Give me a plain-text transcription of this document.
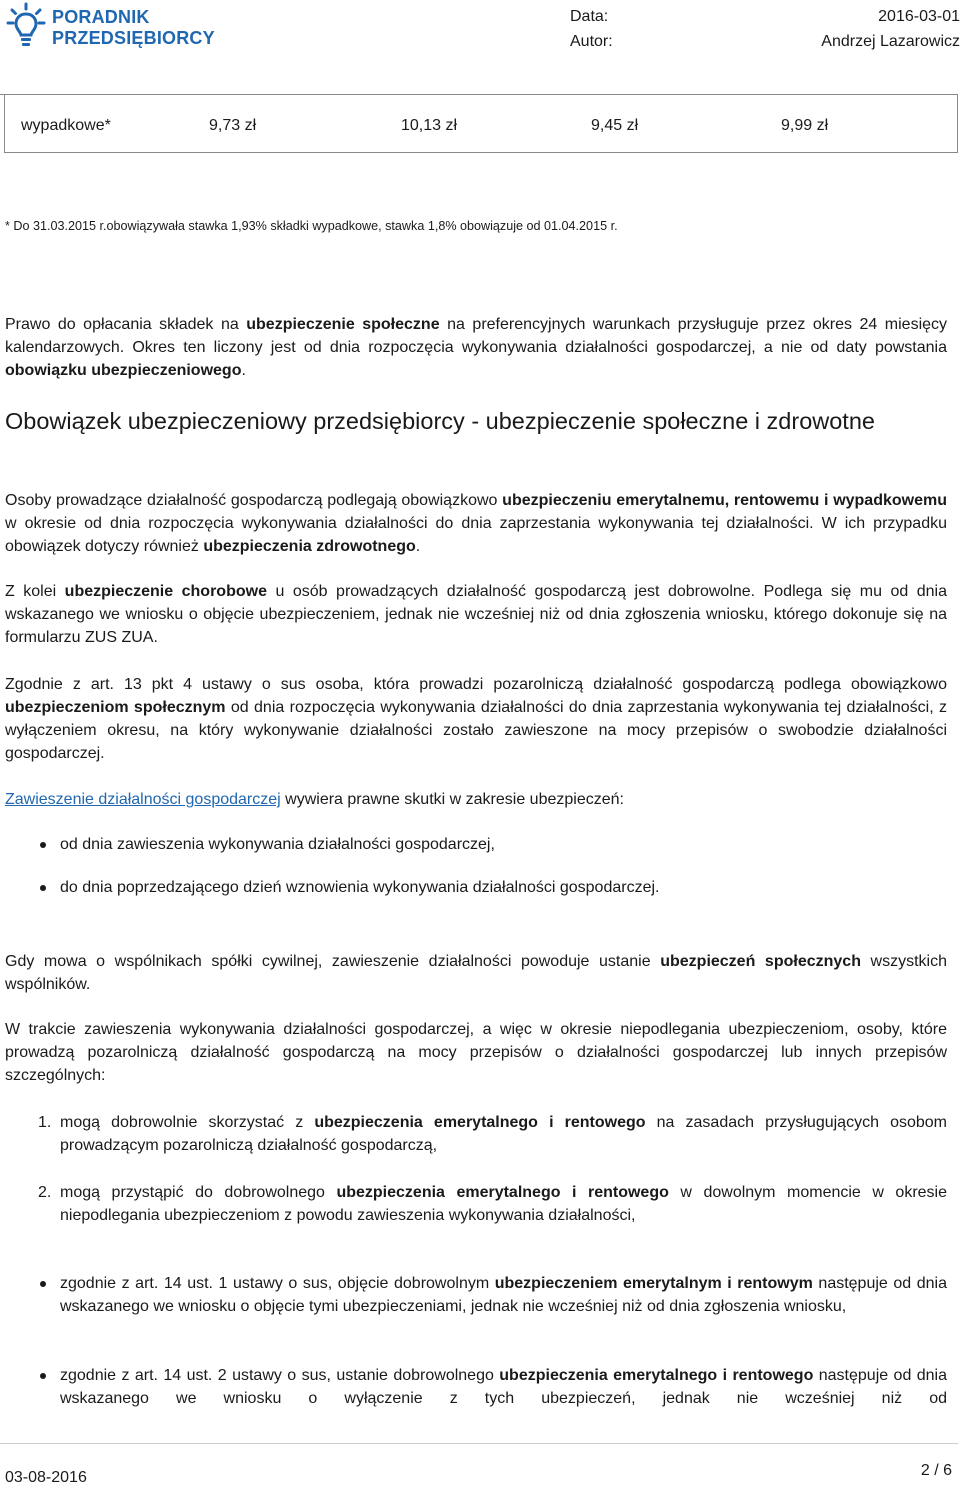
PORADNIK
PRZEDSIĘBIORCY
Data:	2016-03-01
Autor:	Andrzej Lazarowicz
wypadkowe*	9,73 zł	10,13 zł	9,45 zł	9,99 zł
* Do 31.03.2015 r.obowiązywała stawka 1,93% składki wypadkowe, stawka 1,8% obowiązuje od 01.04.2015 r.

Prawo do opłacania składek na ubezpieczenie społeczne na preferencyjnych warunkach przysługuje przez okres 24 miesięcy kalendarzowych. Okres ten liczony jest od dnia rozpoczęcia wykonywania działalności gospodarczej, a nie od daty powstania obowiązku ubezpieczeniowego.

Obowiązek ubezpieczeniowy przedsiębiorcy - ubezpieczenie społeczne i zdrowotne

Osoby prowadzące działalność gospodarczą podlegają obowiązkowo ubezpieczeniu emerytalnemu, rentowemu i wypadkowemu w okresie od dnia rozpoczęcia wykonywania działalności do dnia zaprzestania wykonywania tej działalności. W ich przypadku obowiązek dotyczy również ubezpieczenia zdrowotnego.

Z kolei ubezpieczenie chorobowe u osób prowadzących działalność gospodarczą jest dobrowolne. Podlega się mu od dnia wskazanego we wniosku o objęcie ubezpieczeniem, jednak nie wcześniej niż od dnia zgłoszenia wniosku, którego dokonuje się na formularzu ZUS ZUA.

Zgodnie z art. 13 pkt 4 ustawy o sus osoba, która prowadzi pozarolniczą działalność gospodarczą podlega obowiązkowo ubezpieczeniom społecznym od dnia rozpoczęcia wykonywania działalności do dnia zaprzestania wykonywania tej działalności, z wyłączeniem okresu, na który wykonywanie działalności zostało zawieszone na mocy przepisów o swobodzie działalności gospodarczej.

Zawieszenie działalności gospodarczej wywiera prawne skutki w zakresie ubezpieczeń:

od dnia zawieszenia wykonywania działalności gospodarczej,
do dnia poprzedzającego dzień wznowienia wykonywania działalności gospodarczej.

Gdy mowa o wspólnikach spółki cywilnej, zawieszenie działalności powoduje ustanie ubezpieczeń społecznych wszystkich wspólników.

W trakcie zawieszenia wykonywania działalności gospodarczej, a więc w okresie niepodlegania ubezpieczeniom, osoby, które prowadzą pozarolniczą działalność gospodarczą na mocy przepisów o działalności gospodarczej lub innych przepisów szczególnych:

1. mogą dobrowolnie skorzystać z ubezpieczenia emerytalnego i rentowego na zasadach przysługujących osobom prowadzącym pozarolniczą działalność gospodarczą,
2. mogą przystąpić do dobrowolnego ubezpieczenia emerytalnego i rentowego w dowolnym momencie w okresie niepodlegania ubezpieczeniom z powodu zawieszenia wykonywania działalności,
zgodnie z art. 14 ust. 1 ustawy o sus, objęcie dobrowolnym ubezpieczeniem emerytalnym i rentowym następuje od dnia wskazanego we wniosku o objęcie tymi ubezpieczeniami, jednak nie wcześniej niż od dnia zgłoszenia wniosku,
zgodnie z art. 14 ust. 2 ustawy o sus, ustanie dobrowolnego ubezpieczenia emerytalnego i rentowego następuje od dnia wskazanego we wniosku o wyłączenie z tych ubezpieczeń, jednak nie wcześniej niż od
03-08-2016	2 / 6
